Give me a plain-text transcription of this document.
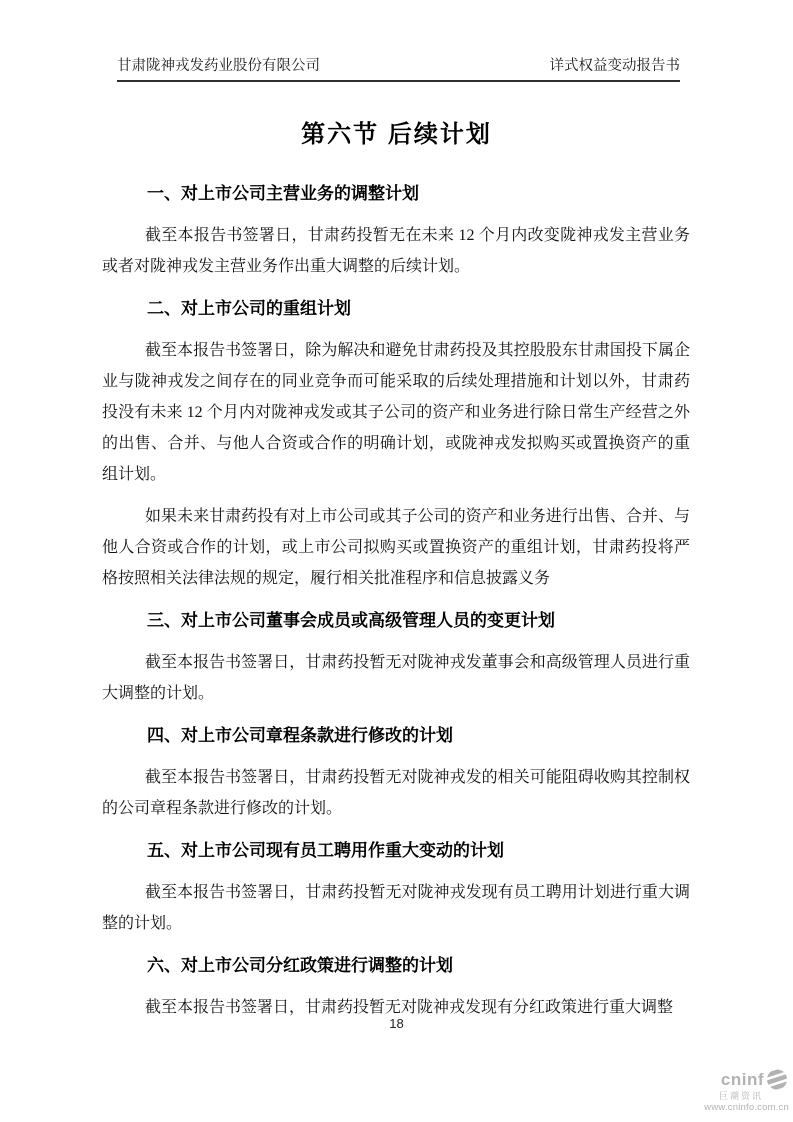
甘肃陇神戎发药业股份有限公司	详式权益变动报告书
第六节 后续计划
一、对上市公司主营业务的调整计划

截至本报告书签署日，甘肃药投暂无在未来 12 个月内改变陇神戎发主营业务或者对陇神戎发主营业务作出重大调整的后续计划。

二、对上市公司的重组计划

截至本报告书签署日，除为解决和避免甘肃药投及其控股股东甘肃国投下属企业与陇神戎发之间存在的同业竞争而可能采取的后续处理措施和计划以外，甘肃药投没有未来 12 个月内对陇神戎发或其子公司的资产和业务进行除日常生产经营之外的出售、合并、与他人合资或合作的明确计划，或陇神戎发拟购买或置换资产的重组计划。

如果未来甘肃药投有对上市公司或其子公司的资产和业务进行出售、合并、与他人合资或合作的计划，或上市公司拟购买或置换资产的重组计划，甘肃药投将严格按照相关法律法规的规定，履行相关批准程序和信息披露义务

三、对上市公司董事会成员或高级管理人员的变更计划

截至本报告书签署日，甘肃药投暂无对陇神戎发董事会和高级管理人员进行重大调整的计划。

四、对上市公司章程条款进行修改的计划

截至本报告书签署日，甘肃药投暂无对陇神戎发的相关可能阻碍收购其控制权的公司章程条款进行修改的计划。

五、对上市公司现有员工聘用作重大变动的计划

截至本报告书签署日，甘肃药投暂无对陇神戎发现有员工聘用计划进行重大调整的计划。

六、对上市公司分红政策进行调整的计划

截至本报告书签署日，甘肃药投暂无对陇神戎发现有分红政策进行重大调整

18
cninf
巨潮资讯
www.cninfo.com.cn
